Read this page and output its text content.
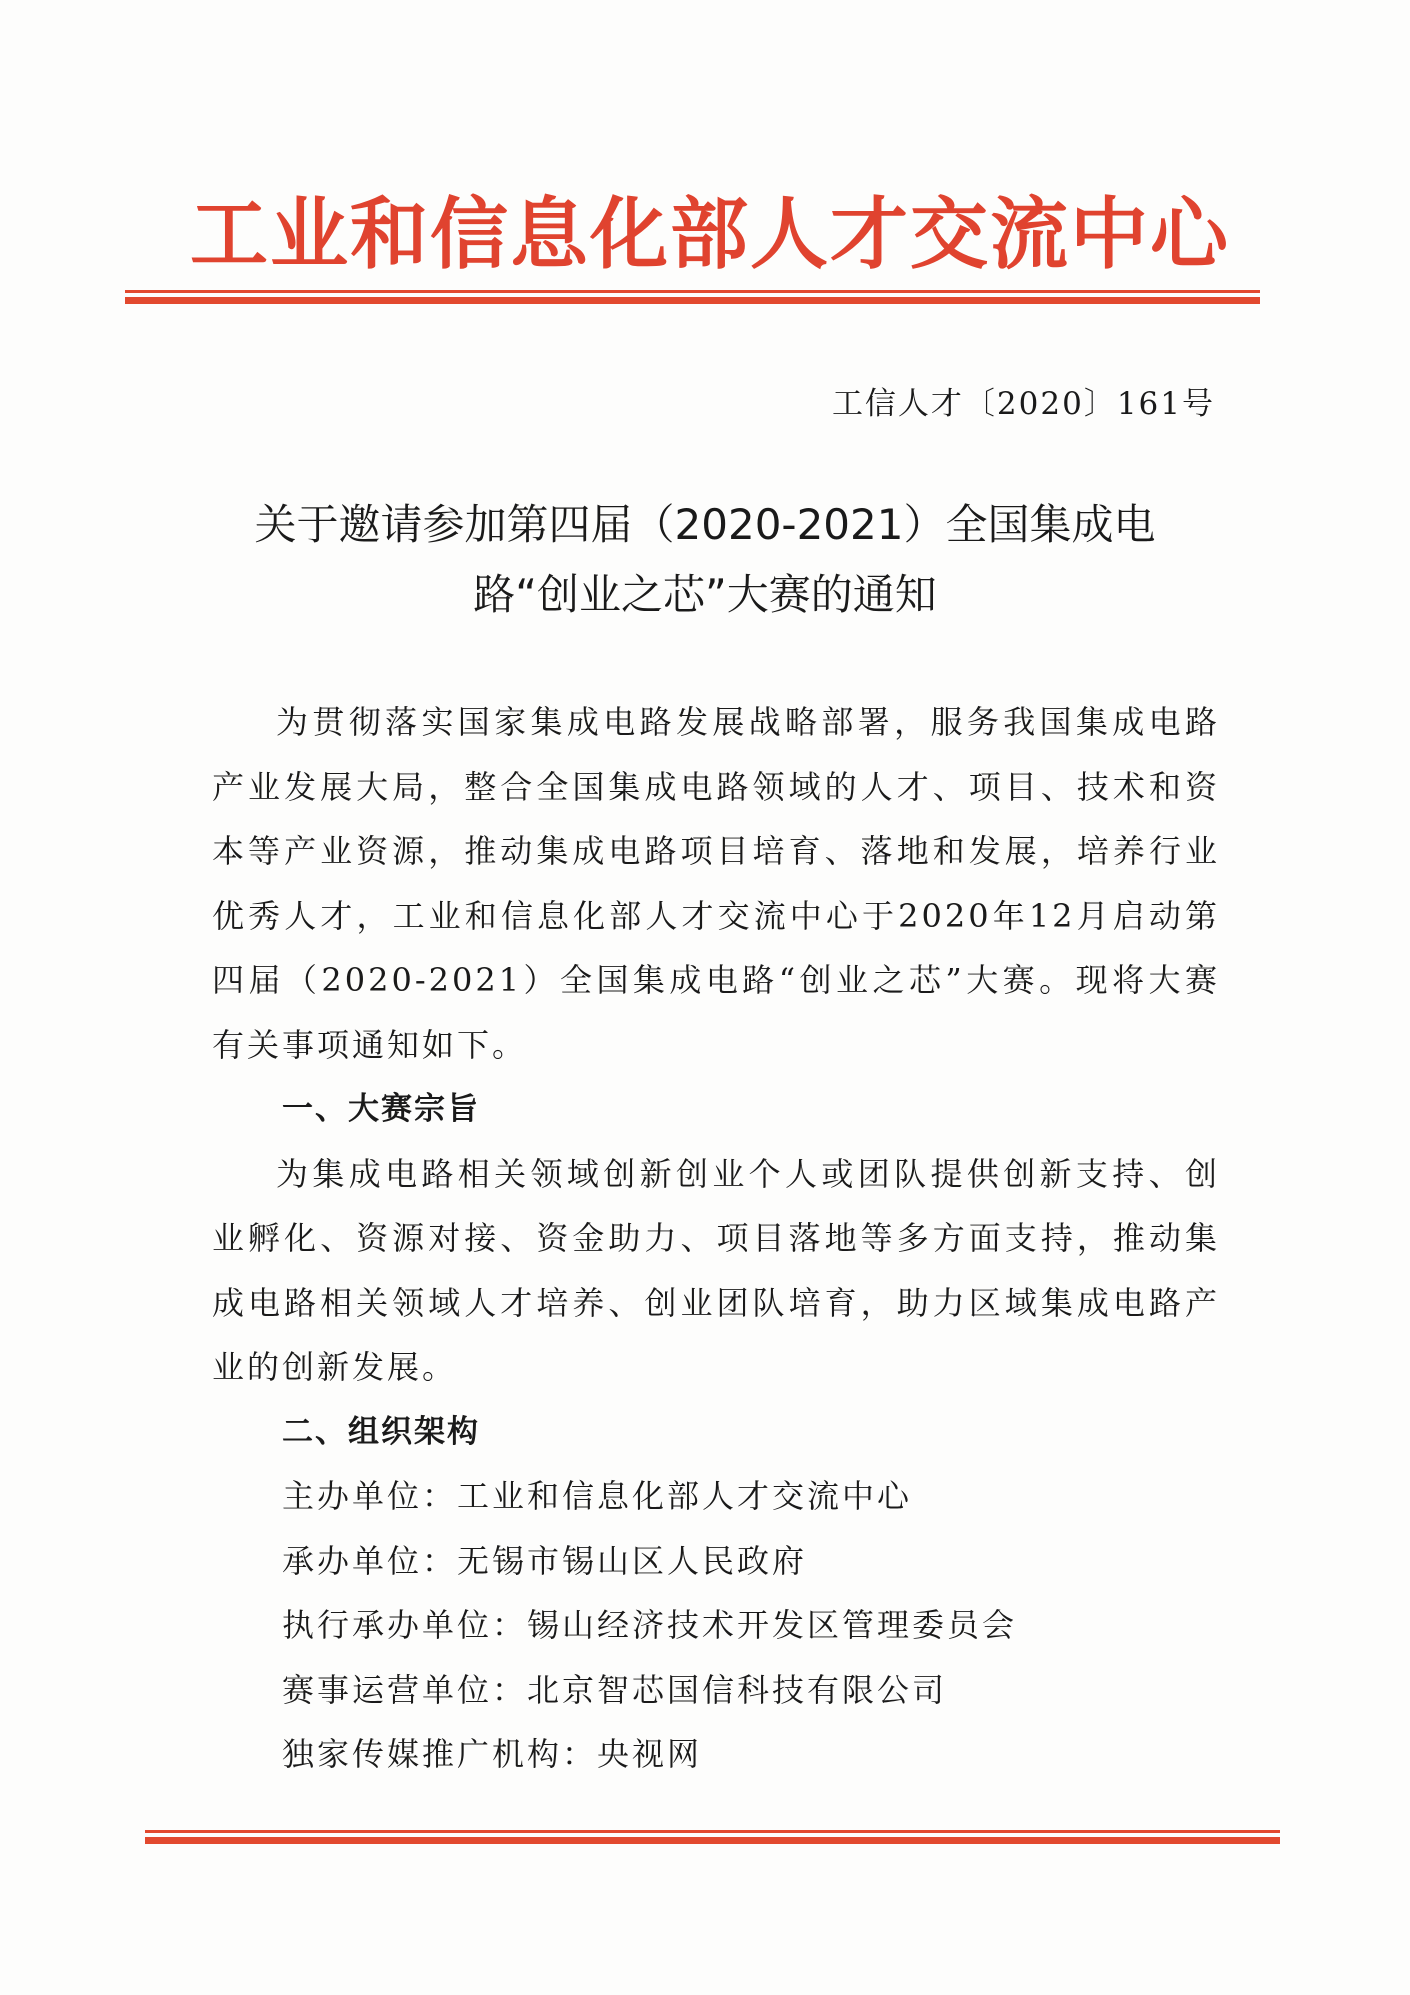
工业和信息化部人才交流中心
工信人才〔2020〕161号
关于邀请参加第四届（2020-2021）全国集成电
路“创业之芯”大赛的通知

为贯彻落实国家集成电路发展战略部署，服务我国集成电路产业发展大局，整合全国集成电路领域的人才、项目、技术和资本等产业资源，推动集成电路项目培育、落地和发展，培养行业优秀人才，工业和信息化部人才交流中心于2020年12月启动第四届（2020-2021）全国集成电路“创业之芯”大赛。现将大赛有关事项通知如下。

一、大赛宗旨

为集成电路相关领域创新创业个人或团队提供创新支持、创业孵化、资源对接、资金助力、项目落地等多方面支持，推动集成电路相关领域人才培养、创业团队培育，助力区域集成电路产业的创新发展。

二、组织架构

主办单位：工业和信息化部人才交流中心

承办单位：无锡市锡山区人民政府

执行承办单位：锡山经济技术开发区管理委员会

赛事运营单位：北京智芯国信科技有限公司

独家传媒推广机构：央视网
